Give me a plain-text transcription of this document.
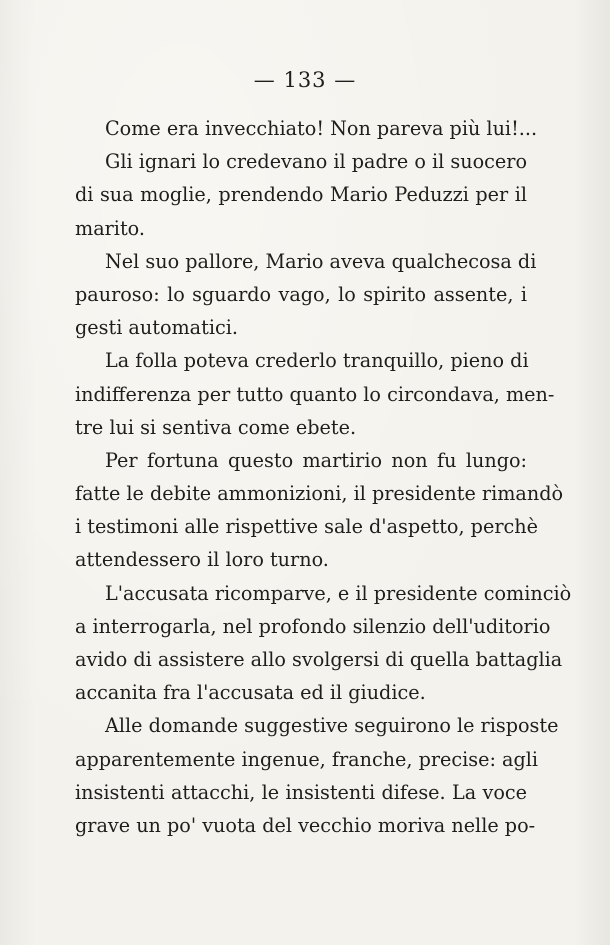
— 133 —
Come era invecchiato! Non pareva più lui!...
Gli ignari lo credevano il padre o il suocero
di sua moglie, prendendo Mario Peduzzi per il
marito.
Nel suo pallore, Mario aveva qualchecosa di
pauroso: lo sguardo vago, lo spirito assente, i
gesti automatici.
La folla poteva crederlo tranquillo, pieno di
indifferenza per tutto quanto lo circondava, men-
tre lui si sentiva come ebete.
Per fortuna questo martirio non fu lungo:
fatte le debite ammonizioni, il presidente rimandò
i testimoni alle rispettive sale d'aspetto, perchè
attendessero il loro turno.
L'accusata ricomparve, e il presidente cominciò
a interrogarla, nel profondo silenzio dell'uditorio
avido di assistere allo svolgersi di quella battaglia
accanita fra l'accusata ed il giudice.
Alle domande suggestive seguirono le risposte
apparentemente ingenue, franche, precise: agli
insistenti attacchi, le insistenti difese. La voce
grave un po' vuota del vecchio moriva nelle po-
